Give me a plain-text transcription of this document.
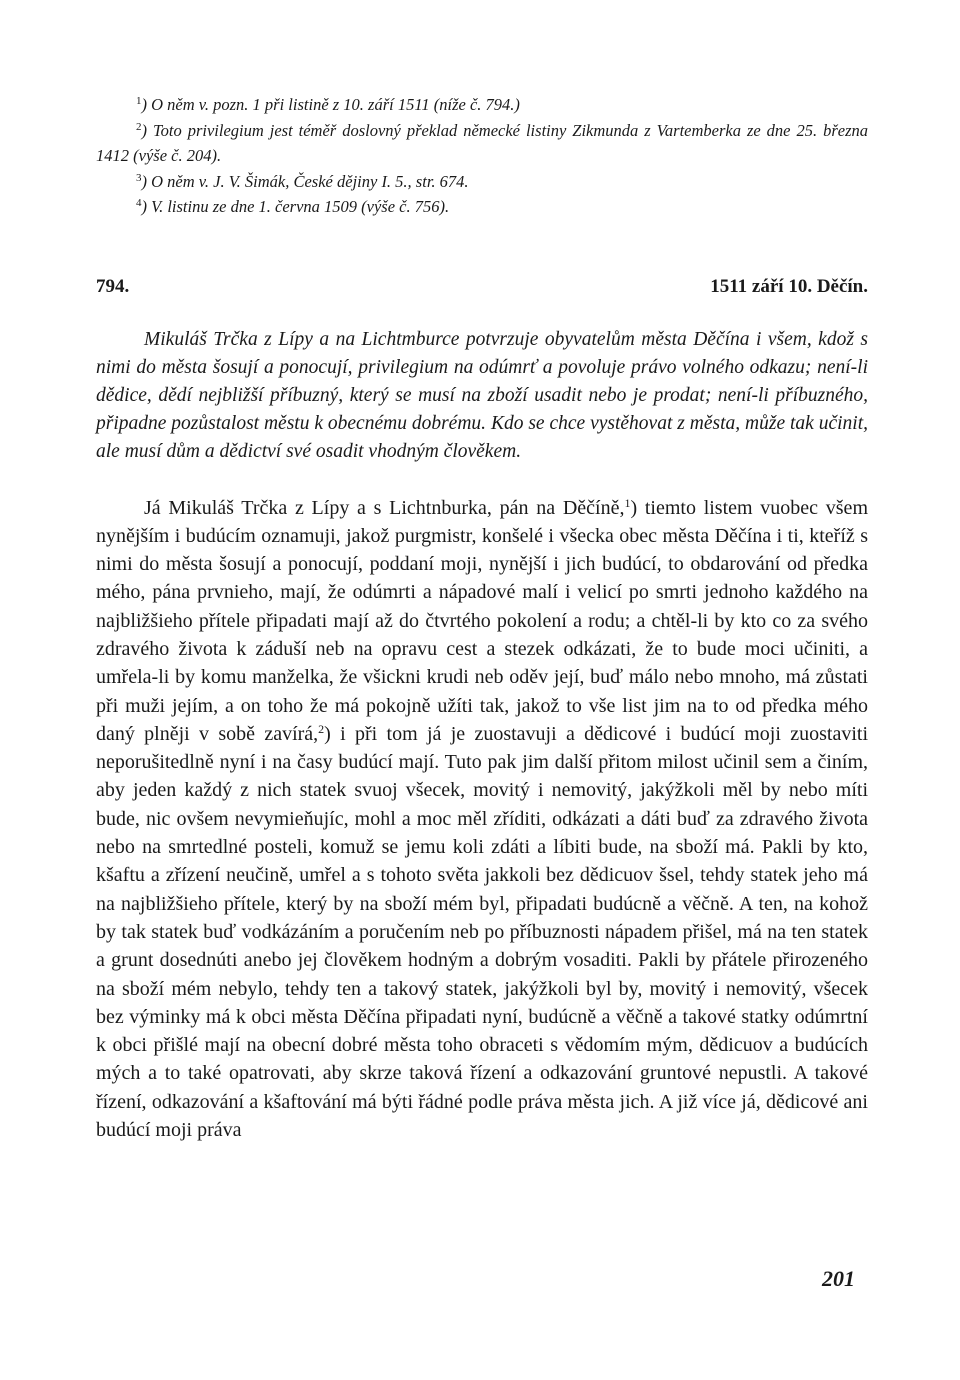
$^1$) O něm v. pozn. 1 při listině z 10. září 1511 (níže č. 794.)
$^2$) Toto privilegium jest téměř doslovný překlad německé listiny Zikmunda z Vartemberka ze dne 25. března 1412 (výše č. 204).
$^3$) O něm v. J. V. Šimák, České dějiny I. 5., str. 674.
$^4$) V. listinu ze dne 1. června 1509 (výše č. 756).
794.	1511 září 10. Děčín.

Mikuláš Trčka z Lípy a na Lichtmburce potvrzuje obyvatelům města Děčína i všem, kdož s nimi do města šosují a ponocují, privilegium na odúmrť a povoluje právo volného odkazu; není-li dědice, dědí nejbližší příbuzný, který se musí na zboží usadit nebo je prodat; není-li příbuzného, připadne pozůstalost městu k obecnému dobrému. Kdo se chce vystěhovat z města, může tak učinit, ale musí dům a dědictví své osadit vhodným člověkem.

Já Mikuláš Trčka z Lípy a s Lichtnburka, pán na Děčíně,$^1$) tiemto listem vuobec všem nynějším i budúcím oznamuji, jakož purgmistr, konšelé i všecka obec města Děčína i ti, kteříž s nimi do města šosují a ponocují, poddaní moji, nynější i jich budúcí, to obdarování od předka mého, pána prvnieho, mají, že odúmrti a nápadové malí i velicí po smrti jednoho každého na najbližšieho přítele připadati mají až do čtvrtého pokolení a rodu; a chtěl-li by kto co za svého zdravého života k záduší neb na opravu cest a stezek odkázati, že to bude moci učiniti, a umřela-li by komu manželka, že všickni krudi neb oděv její, buď málo nebo mnoho, má zůstati při muži jejím, a on toho že má pokojně užíti tak, jakož to vše list jim na to od předka mého daný plněji v sobě zavírá,$^2$) i při tom já je zuostavuji a dědicové i budúcí moji zuostaviti neporušitedlně nyní i na časy budúcí mají. Tuto pak jim další přitom milost učinil sem a činím, aby jeden každý z nich statek svuoj všecek, movitý i nemovitý, jakýžkoli měl by nebo míti bude, nic ovšem nevymieňujíc, mohl a moc měl zříditi, odkázati a dáti buď za zdravého života nebo na smrtedlné posteli, komuž se jemu koli zdáti a líbiti bude, na sboží má. Pakli by kto, kšaftu a zřízení neučině, umřel a s tohoto světa jakkoli bez dědicuov šsel, tehdy statek jeho má na najbližšieho přítele, který by na sboží mém byl, připadati budúcně a věčně. A ten, na kohož by tak statek buď vodkázáním a poručením neb po příbuznosti nápadem přišel, má na ten statek a grunt dosednúti anebo jej člověkem hodným a dobrým vosaditi. Pakli by přátele přirozeného na sboží mém nebylo, tehdy ten a takový statek, jakýžkoli byl by, movitý i nemovitý, všecek bez výminky má k obci města Děčína připadati nyní, budúcně a věčně a takové statky odúmrtní k obci přišlé mají na obecní dobré města toho obraceti s vědomím mým, dědicuov a budúcích mých a to také opatrovati, aby skrze taková řízení a odkazování gruntové nepustli. A takové řízení, odkazování a kšaftování má býti řádné podle práva města jich. A již více já, dědicové ani budúcí moji práva

201
